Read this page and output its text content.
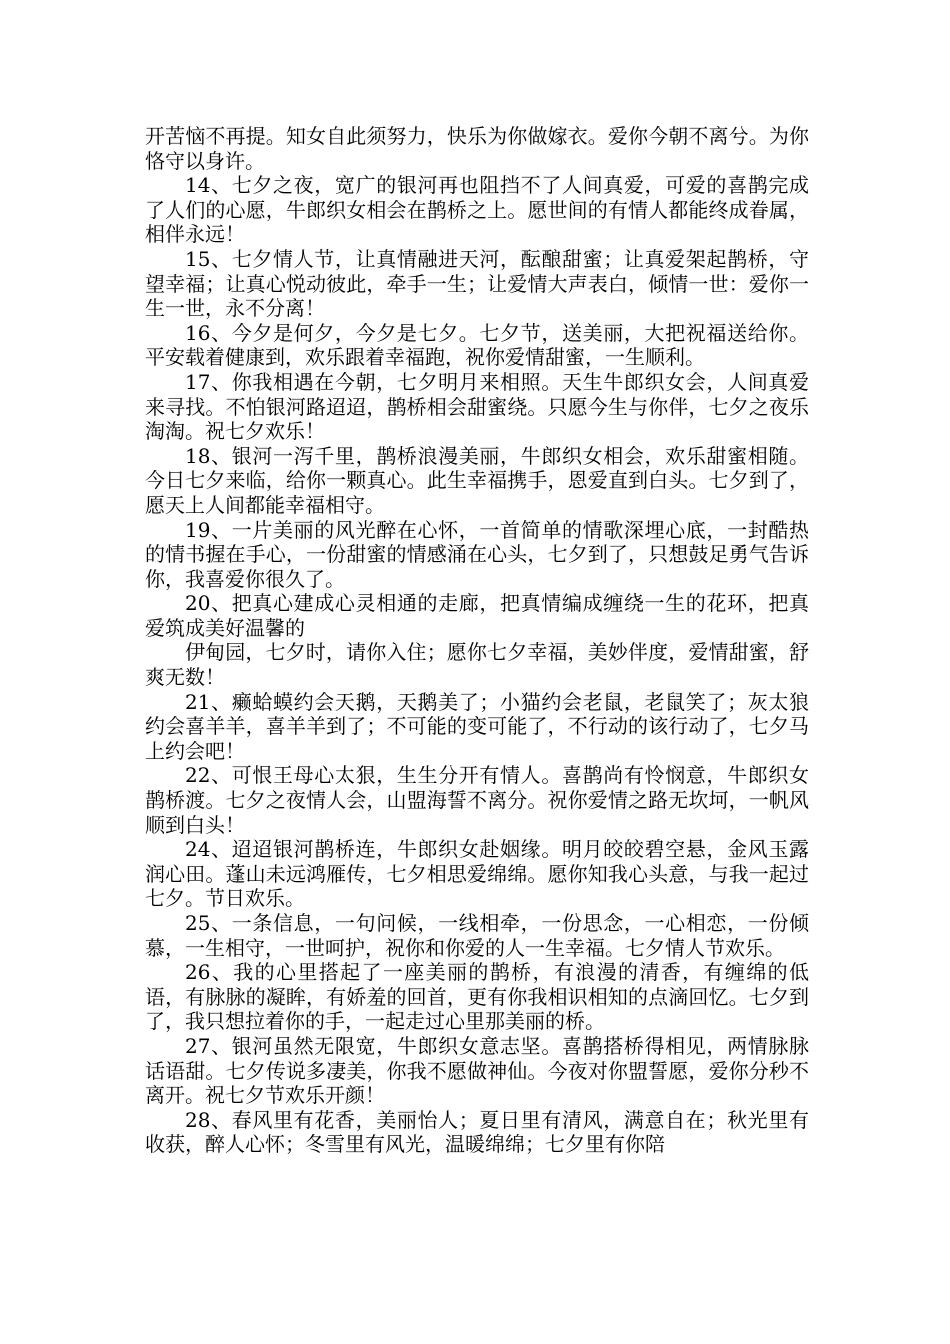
开苦恼不再提。知女自此须努力，快乐为你做嫁衣。爱你今朝不离兮。为你恪守以身许。

14、七夕之夜，宽广的银河再也阻挡不了人间真爱，可爱的喜鹊完成了人们的心愿，牛郎织女相会在鹊桥之上。愿世间的有情人都能终成眷属，相伴永远！

15、七夕情人节，让真情融进天河，酝酿甜蜜；让真爱架起鹊桥，守望幸福；让真心悦动彼此，牵手一生；让爱情大声表白，倾情一世：爱你一生一世，永不分离！

16、今夕是何夕，今夕是七夕。七夕节，送美丽，大把祝福送给你。平安载着健康到，欢乐跟着幸福跑，祝你爱情甜蜜，一生顺利。

17、你我相遇在今朝，七夕明月来相照。天生牛郎织女会，人间真爱来寻找。不怕银河路迢迢，鹊桥相会甜蜜绕。只愿今生与你伴，七夕之夜乐淘淘。祝七夕欢乐！

18、银河一泻千里，鹊桥浪漫美丽，牛郎织女相会，欢乐甜蜜相随。今日七夕来临，给你一颗真心。此生幸福携手，恩爱直到白头。七夕到了，愿天上人间都能幸福相守。

19、一片美丽的风光醉在心怀，一首简单的情歌深埋心底，一封酷热的情书握在手心，一份甜蜜的情感涌在心头，七夕到了，只想鼓足勇气告诉你，我喜爱你很久了。

20、把真心建成心灵相通的走廊，把真情编成缠绕一生的花环，把真爱筑成美好温馨的

伊甸园，七夕时，请你入住；愿你七夕幸福，美妙伴度，爱情甜蜜，舒爽无数！

21、癞蛤蟆约会天鹅，天鹅美了；小猫约会老鼠，老鼠笑了；灰太狼约会喜羊羊，喜羊羊到了；不可能的变可能了，不行动的该行动了，七夕马上约会吧！

22、可恨王母心太狠，生生分开有情人。喜鹊尚有怜悯意，牛郎织女鹊桥渡。七夕之夜情人会，山盟海誓不离分。祝你爱情之路无坎坷，一帆风顺到白头！

24、迢迢银河鹊桥连，牛郎织女赴姻缘。明月皎皎碧空悬，金风玉露润心田。蓬山未远鸿雁传，七夕相思爱绵绵。愿你知我心头意，与我一起过七夕。节日欢乐。

25、一条信息，一句问候，一线相牵，一份思念，一心相恋，一份倾慕，一生相守，一世呵护，祝你和你爱的人一生幸福。七夕情人节欢乐。

26、我的心里搭起了一座美丽的鹊桥，有浪漫的清香，有缠绵的低语，有脉脉的凝眸，有娇羞的回首，更有你我相识相知的点滴回忆。七夕到了，我只想拉着你的手，一起走过心里那美丽的桥。

27、银河虽然无限宽，牛郎织女意志坚。喜鹊搭桥得相见，两情脉脉话语甜。七夕传说多凄美，你我不愿做神仙。今夜对你盟誓愿，爱你分秒不离开。祝七夕节欢乐开颜！

28、春风里有花香，美丽怡人；夏日里有清风，满意自在；秋光里有收获，醉人心怀；冬雪里有风光，温暖绵绵；七夕里有你陪
